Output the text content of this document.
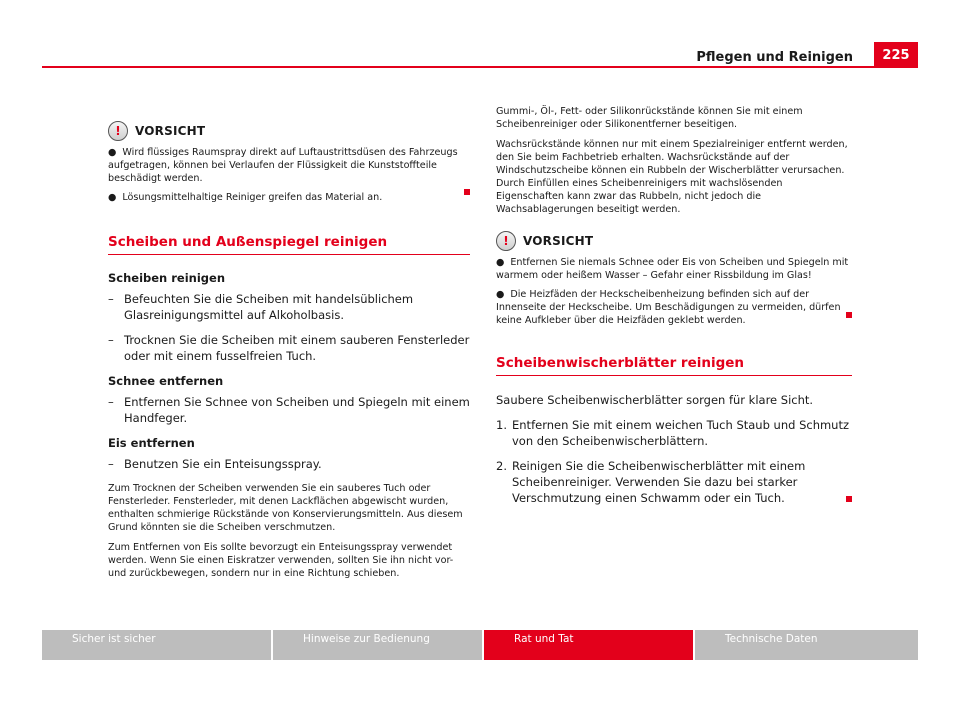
Pflegen und Reinigen	225
! VORSICHT

● Wird flüssiges Raumspray direkt auf Luftaustrittsdüsen des Fahrzeugs aufgetragen, können bei Verlaufen der Flüssigkeit die Kunststoffteile beschädigt werden.

● Lösungsmittelhaltige Reiniger greifen das Material an.

Scheiben und Außenspiegel reinigen

Scheiben reinigen

– Befeuchten Sie die Scheiben mit handelsüblichem Glasreinigungsmittel auf Alkoholbasis.
– Trocknen Sie die Scheiben mit einem sauberen Fensterleder oder mit einem fusselfreien Tuch.

Schnee entfernen

– Entfernen Sie Schnee von Scheiben und Spiegeln mit einem Handfeger.

Eis entfernen

– Benutzen Sie ein Enteisungsspray.

Zum Trocknen der Scheiben verwenden Sie ein sauberes Tuch oder Fensterleder. Fensterleder, mit denen Lackflächen abgewischt wurden, enthalten schmierige Rückstände von Konservierungsmitteln. Aus diesem Grund könnten sie die Scheiben verschmutzen.

Zum Entfernen von Eis sollte bevorzugt ein Enteisungsspray verwendet werden. Wenn Sie einen Eiskratzer verwenden, sollten Sie ihn nicht vor- und zurückbewegen, sondern nur in eine Richtung schieben.

Gummi-, Öl-, Fett- oder Silikonrückstände können Sie mit einem Scheibenreiniger oder Silikonentferner beseitigen.

Wachsrückstände können nur mit einem Spezialreiniger entfernt werden, den Sie beim Fachbetrieb erhalten. Wachsrückstände auf der Windschutzscheibe können ein Rubbeln der Wischerblätter verursachen. Durch Einfüllen eines Scheibenreinigers mit wachslösenden Eigenschaften kann zwar das Rubbeln, nicht jedoch die Wachsablagerungen beseitigt werden.

! VORSICHT

● Entfernen Sie niemals Schnee oder Eis von Scheiben und Spiegeln mit warmem oder heißem Wasser – Gefahr einer Rissbildung im Glas!

● Die Heizfäden der Heckscheibenheizung befinden sich auf der Innenseite der Heckscheibe. Um Beschädigungen zu vermeiden, dürfen keine Aufkleber über die Heizfäden geklebt werden.

Scheibenwischerblätter reinigen

Saubere Scheibenwischerblätter sorgen für klare Sicht.

1. Entfernen Sie mit einem weichen Tuch Staub und Schmutz von den Scheibenwischerblättern.
2. Reinigen Sie die Scheibenwischerblätter mit einem Scheibenreiniger. Verwenden Sie dazu bei starker Verschmutzung einen Schwamm oder ein Tuch.
Sicher ist sicher	Hinweise zur Bedienung	Rat und Tat	Technische Daten
